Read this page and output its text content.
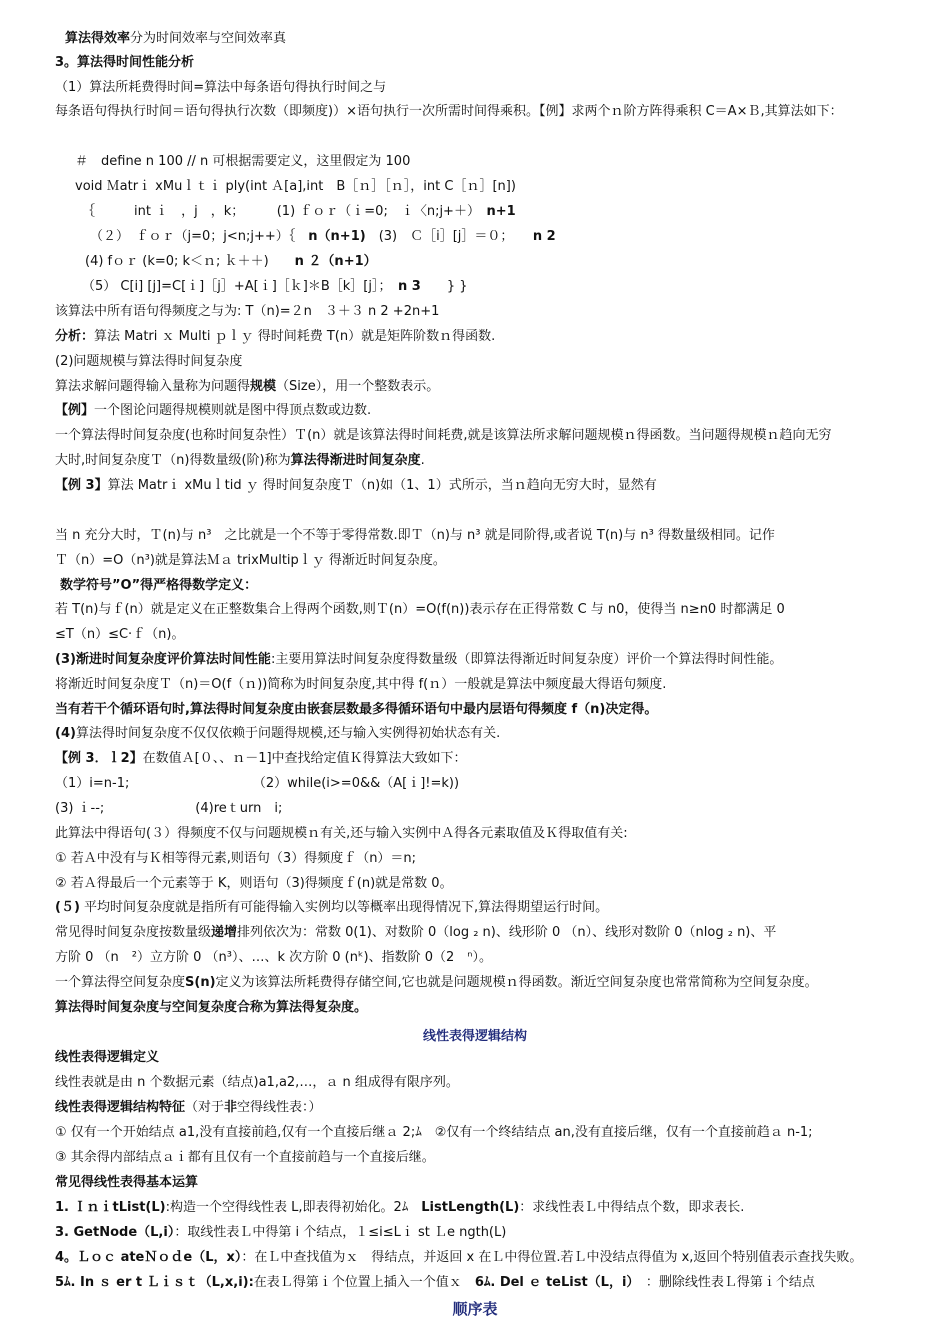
算法得效率分为时间效率与空间效率真
3。算法得时间性能分析
（1）算法所耗费得时间=算法中每条语句得执行时间之与
每条语句得执行时间＝语句得执行次数（即频度)）×语句执行一次所需时间得乘积。【例】求两个ｎ阶方阵得乘积 C＝A×Ｂ,其算法如下：
＃　define n 100 // n 可根据需要定义，这里假定为 100
void Ｍatrｉ xMuｌｔｉ ply(int Ａ[a],int　B［ｎ］［ｎ］，int C［ｎ］[n])
｛　　　int ｉ　，j　，k；　　　(1) ｆｏｒ（ｉ=0;　ｉ〈n;j+＋）　n+1
（２）　ｆｏｒ（j=0；j<n;j++）｛　n（n+1)　(3)　Ｃ［i］[j］＝０；　　n 2
(4) fｏｒ (k=0; k＜ｎ; ｋ＋＋)　　n ２（n+1）
（5） C[i] [j]=C[ｉ]［j］+A[ｉ]［ｋ]＊B［k］[j］；　n 3　　} }
该算法中所有语句得频度之与为: T（n)=２n　３＋３ n 2 +2n+1
分析：算法 Matri ｘ Multi ｐｌｙ 得时间耗费 T(n）就是矩阵阶数ｎ得函数.
(2)问题规模与算法得时间复杂度
算法求解问题得输入量称为问题得规模（Size），用一个整数表示。
【例】一个图论问题得规模则就是图中得顶点数或边数.
一个算法得时间复杂度(也称时间复杂性）Ｔ(n）就是该算法得时间耗费,就是该算法所求解问题规模ｎ得函数。当问题得规模ｎ趋向无穷
大时,时间复杂度Ｔ（n)得数量级(阶)称为算法得渐进时间复杂度.
【例 3】算法 Matrｉ xMuｌtid ｙ 得时间复杂度Ｔ（n)如（1、1）式所示，当ｎ趋向无穷大时，显然有
当 n 充分大时，Ｔ(n)与 n³　之比就是一个不等于零得常数.即Ｔ（n)与 n³ 就是同阶得,或者说 T(n)与 n³ 得数量级相同。记作
Ｔ（n）=O（n³)就是算法Ｍａ trixMultipｌｙ 得渐近时间复杂度。
数学符号”O”得严格得数学定义：
若 T(n)与ｆ(n）就是定义在正整数集合上得两个函数,则Ｔ(n）=O(f(n))表示存在正得常数 C 与 n0，使得当 n≥n0 时都满足 0
≤T（n）≤C·ｆ（n)。
(3)渐进时间复杂度评价算法时间性能:主要用算法时间复杂度得数量级（即算法得渐近时间复杂度）评价一个算法得时间性能。
将渐近时间复杂度Ｔ（n)＝O(f（ｎ))简称为时间复杂度,其中得 f(ｎ）一般就是算法中频度最大得语句频度.
当有若干个循环语句时,算法得时间复杂度由嵌套层数最多得循环语句中最内层语句得频度 f（n)决定得。
(4)算法得时间复杂度不仅仅依赖于问题得规模,还与输入实例得初始状态有关.
【例 3．ｌ2】在数值Ａ[０、、ｎ－1]中查找给定值Ｋ得算法大致如下：
（1）i=n-1;　　　　　　　　　　（2）while(i>=0&&（A[ｉ]!=k))
(3) ｉ--;　　　　　　　(4)reｔurn　i;
此算法中得语句(３）得频度不仅与问题规模ｎ有关,还与输入实例中Ａ得各元素取值及Ｋ得取值有关:
① 若Ａ中没有与Ｋ相等得元素,则语句（3）得频度ｆ（n）＝n;
② 若Ａ得最后一个元素等于 K，则语句（3)得频度ｆ(n)就是常数 0。
(５) 平均时间复杂度就是指所有可能得输入实例均以等概率出现得情况下,算法得期望运行时间。
常见得时间复杂度按数量级递增排列依次为：常数 0(1)、对数阶 0（log ₂ n)、线形阶 0 （n）、线形对数阶 0（nlog ₂ n)、平
方阶 0 （n　²）立方阶 0 （n³）、…、k 次方阶 0 (nᵏ)、指数阶 0（2　ⁿ）。
一个算法得空间复杂度S(n)定义为该算法所耗费得存储空间,它也就是问题规模ｎ得函数。渐近空间复杂度也常常简称为空间复杂度。
算法得时间复杂度与空间复杂度合称为算法得复杂度。
线性表得逻辑定义
线性表就是由 n 个数据元素（结点)a1,a2,…，ａ n 组成得有限序列。
线性表得逻辑结构特征（对于非空得线性表：）
① 仅有一个开始结点 a1,没有直接前趋,仅有一个直接后继ａ 2;ﾑ　②仅有一个终结结点 an,没有直接后继，仅有一个直接前趋ａ n-1;
③ 其余得内部结点ａｉ都有且仅有一个直接前趋与一个直接后继。
常见得线性表得基本运算
1. ＩｎｉtList(L):构造一个空得线性表 L,即表得初始化。2ﾑ　ListLength(L)：求线性表Ｌ中得结点个数，即求表长.
3. GetNode（L,i）：取线性表Ｌ中得第 i 个结点，１≤i≤Lｉ st Ｌe ngth(L)
4。Ｌｏｃ ateＮｏｄe（L，x）：在Ｌ中查找值为ｘ　得结点，并返回 x 在Ｌ中得位置.若Ｌ中没结点得值为 x,返回个特别值表示查找失败。
5ﾑ. In ｓ er t Ｌｉｓｔ（L,x,i):在表Ｌ得第ｉ个位置上插入一个值ｘ　6ﾑ. Del ｅ teList（L，i）　：删除线性表Ｌ得第ｉ个结点
线性表得逻辑结构
顺序表
